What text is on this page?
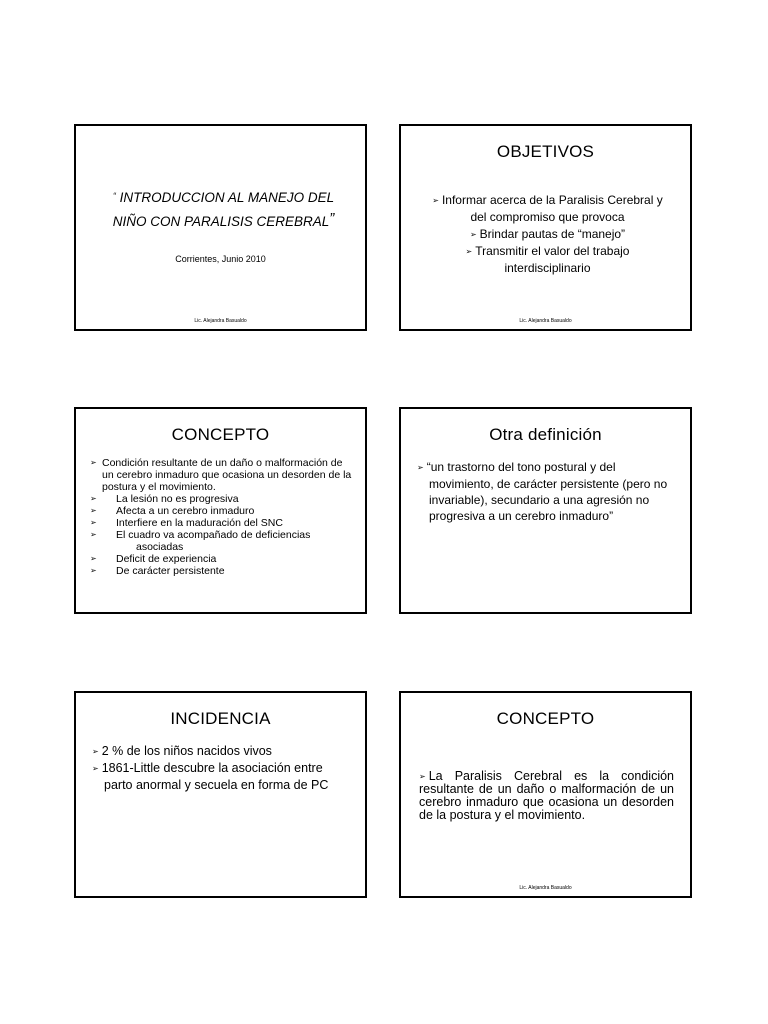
“ INTRODUCCION AL MANEJO DEL
NIÑO CON PARALISIS CEREBRAL”
Corrientes, Junio 2010
Lic. Alejandra Basualdo
OBJETIVOS
➢ Informar acerca de la Paralisis Cerebral y
del compromiso que provoca
➢ Brindar pautas de “manejo”
➢ Transmitir el valor del trabajo
interdisciplinario
Lic. Alejandra Basualdo
CONCEPTO
➢ Condición resultante de un daño o malformación de un cerebro inmaduro que ocasiona un desorden de la postura y el movimiento.
➢	La lesión no es progresiva
➢	Afecta a un cerebro inmaduro
➢	Interfiere en la maduración del SNC
➢	El cuadro va acompañado de deficiencias
asociadas
➢	Deficit de experiencia
➢	De carácter persistente
Otra definición
➢ “un trastorno del tono postural y del movimiento, de carácter persistente (pero no invariable), secundario a una agresión no progresiva a un cerebro inmaduro”
INCIDENCIA
➢ 2 % de los niños nacidos vivos
➢ 1861-Little descubre la asociación entre parto anormal y secuela en forma de PC
CONCEPTO
➢ La Paralisis Cerebral es la condición resultante de un daño o malformación de un cerebro inmaduro que ocasiona un desorden de la postura y el movimiento.
Lic. Alejandra Basualdo
